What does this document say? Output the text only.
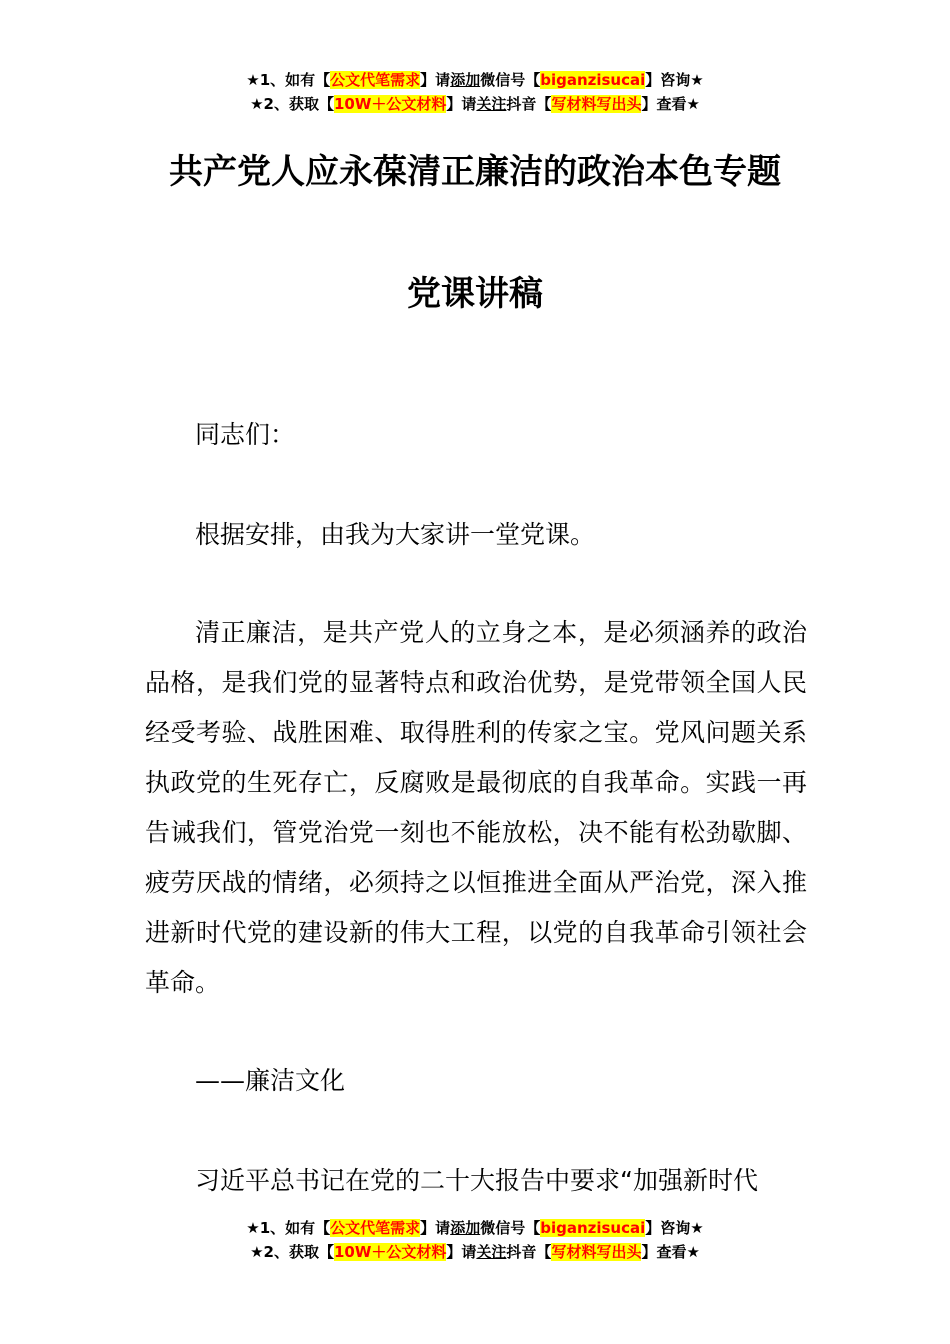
★1、如有【公文代笔需求】请添加微信号【biganzisucai】咨询★
★2、获取【10W＋公文材料】请关注抖音【写材料写出头】查看★
共产党人应永葆清正廉洁的政治本色专题
党课讲稿

同志们：

根据安排，由我为大家讲一堂党课。

清正廉洁，是共产党人的立身之本，是必须涵养的政治品格，是我们党的显著特点和政治优势，是党带领全国人民经受考验、战胜困难、取得胜利的传家之宝。党风问题关系执政党的生死存亡，反腐败是最彻底的自我革命。实践一再告诫我们，管党治党一刻也不能放松，决不能有松劲歇脚、疲劳厌战的情绪，必须持之以恒推进全面从严治党，深入推进新时代党的建设新的伟大工程，以党的自我革命引领社会革命。

——廉洁文化

习近平总书记在党的二十大报告中要求“加强新时代

★1、如有【公文代笔需求】请添加微信号【biganzisucai】咨询★
★2、获取【10W＋公文材料】请关注抖音【写材料写出头】查看★
